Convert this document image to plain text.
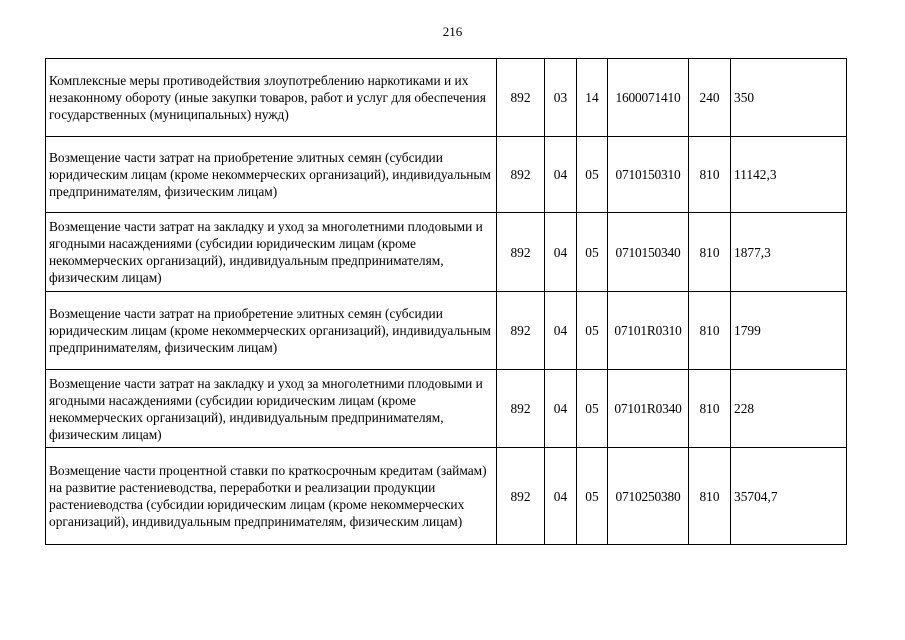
216
Комплексные меры противодействия злоупотреблению наркотиками и их незаконному обороту (иные закупки товаров, работ и услуг для обеспечения государственных (муниципальных) нужд)	892	03	14	1600071410	240	350
Возмещение части затрат на приобретение элитных семян (субсидии юридическим лицам (кроме некоммерческих организаций), индивидуальным предпринимателям, физическим лицам)	892	04	05	0710150310	810	11142,3
Возмещение части затрат на закладку и уход за многолетними плодовыми и ягодными насаждениями (субсидии юридическим лицам (кроме некоммерческих организаций), индивидуальным предпринимателям, физическим лицам)	892	04	05	0710150340	810	1877,3
Возмещение части затрат на приобретение элитных семян (субсидии юридическим лицам (кроме некоммерческих организаций), индивидуальным предпринимателям, физическим лицам)	892	04	05	07101R0310	810	1799
Возмещение части затрат на закладку и уход за многолетними плодовыми и ягодными насаждениями (субсидии юридическим лицам (кроме некоммерческих организаций), индивидуальным предпринимателям, физическим лицам)	892	04	05	07101R0340	810	228
Возмещение части процентной ставки по краткосрочным кредитам (займам) на развитие растениеводства, переработки и реализации продукции растениеводства (субсидии юридическим лицам (кроме некоммерческих организаций), индивидуальным предпринимателям, физическим лицам)	892	04	05	0710250380	810	35704,7
